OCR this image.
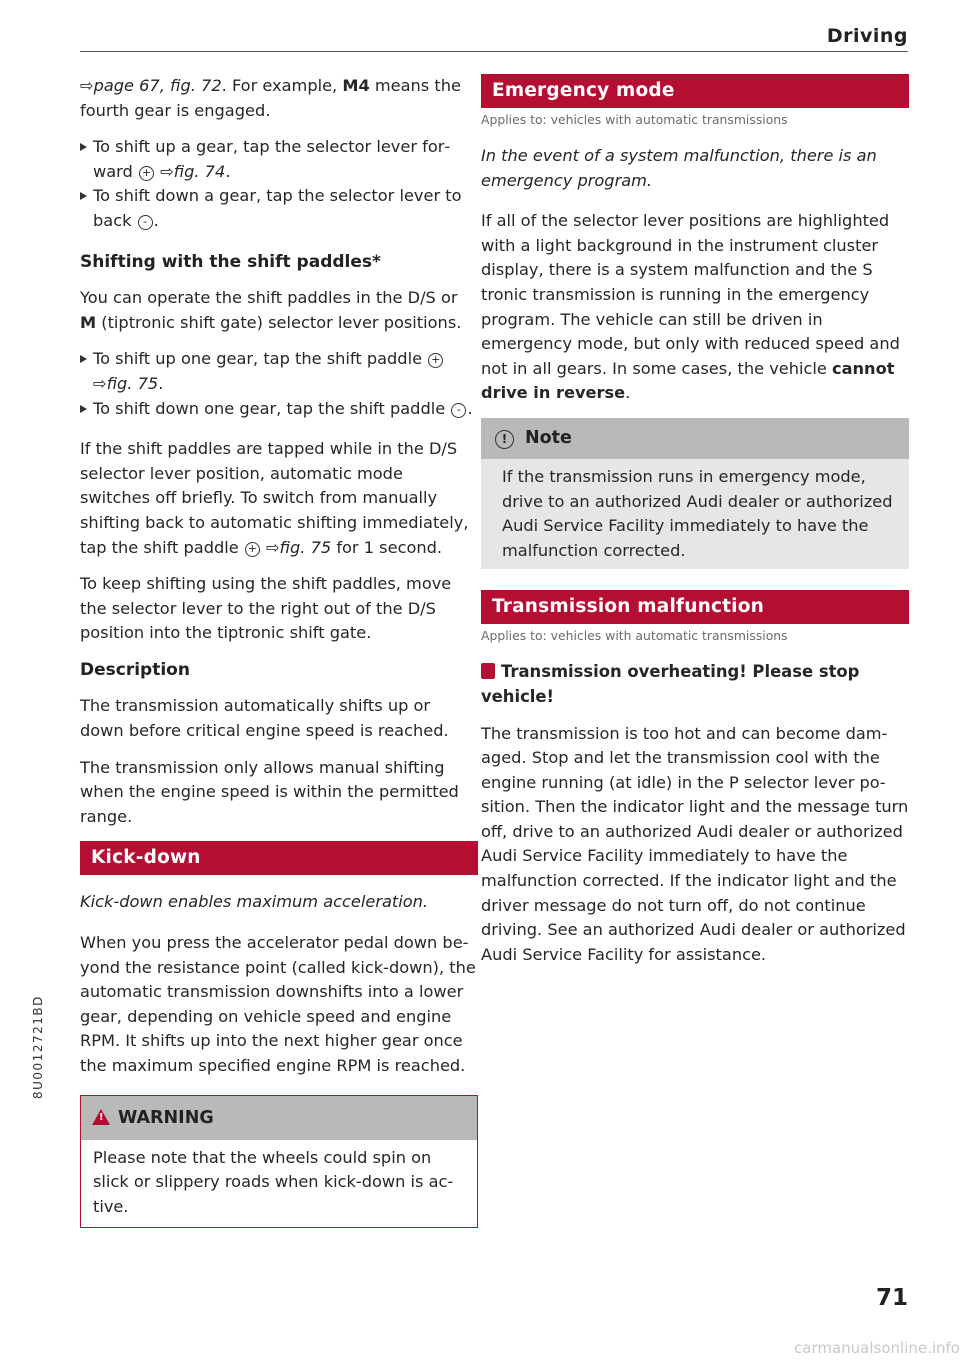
Driving

⇨page 67, fig. 72. For example, M4 means the fourth gear is engaged.

To shift up a gear, tap the selector lever forward + ⇨fig. 74.

To shift down a gear, tap the selector lever to back - .

Shifting with the shift paddles*

You can operate the shift paddles in the D/S or M (tiptronic shift gate) selector lever positions.

To shift up one gear, tap the shift paddle + ⇨fig. 75.

To shift down one gear, tap the shift paddle - .

If the shift paddles are tapped while in the D/S selector lever position, automatic mode switches off briefly. To switch from manually shifting back to automatic shifting immediately, tap the shift paddle + ⇨fig. 75 for 1 second.

To keep shifting using the shift paddles, move the selector lever to the right out of the D/S position into the tiptronic shift gate.

Description

The transmission automatically shifts up or down before critical engine speed is reached.

The transmission only allows manual shifting when the engine speed is within the permitted range.

Kick-down

Kick-down enables maximum acceleration.

When you press the accelerator pedal down beyond the resistance point (called kick-down), the automatic transmission downshifts into a lower gear, depending on vehicle speed and engine RPM. It shifts up into the next higher gear once the maximum specified engine RPM is reached.

!WARNING
Please note that the wheels could spin on slick or slippery roads when kick-down is active.
Emergency mode
Applies to: vehicles with automatic transmissions

In the event of a system malfunction, there is an emergency program.

If all of the selector lever positions are highlighted with a light background in the instrument cluster display, there is a system malfunction and the S tronic transmission is running in the emergency program. The vehicle can still be driven in emergency mode, but only with reduced speed and not in all gears. In some cases, the vehicle cannot drive in reverse.

! Note
If the transmission runs in emergency mode, drive to an authorized Audi dealer or authorized Audi Service Facility immediately to have the malfunction corrected.
Transmission malfunction
Applies to: vehicles with automatic transmissions

Transmission overheating! Please stop vehicle!

The transmission is too hot and can become damaged. Stop and let the transmission cool with the engine running (at idle) in the P selector lever position. Then the indicator light and the message turn off, drive to an authorized Audi dealer or authorized Audi Service Facility immediately to have the malfunction corrected. If the indicator light and the driver message do not turn off, do not continue driving. See an authorized Audi dealer or authorized Audi Service Facility for assistance.

8U0012721BD
71
carmanualsonline.info
